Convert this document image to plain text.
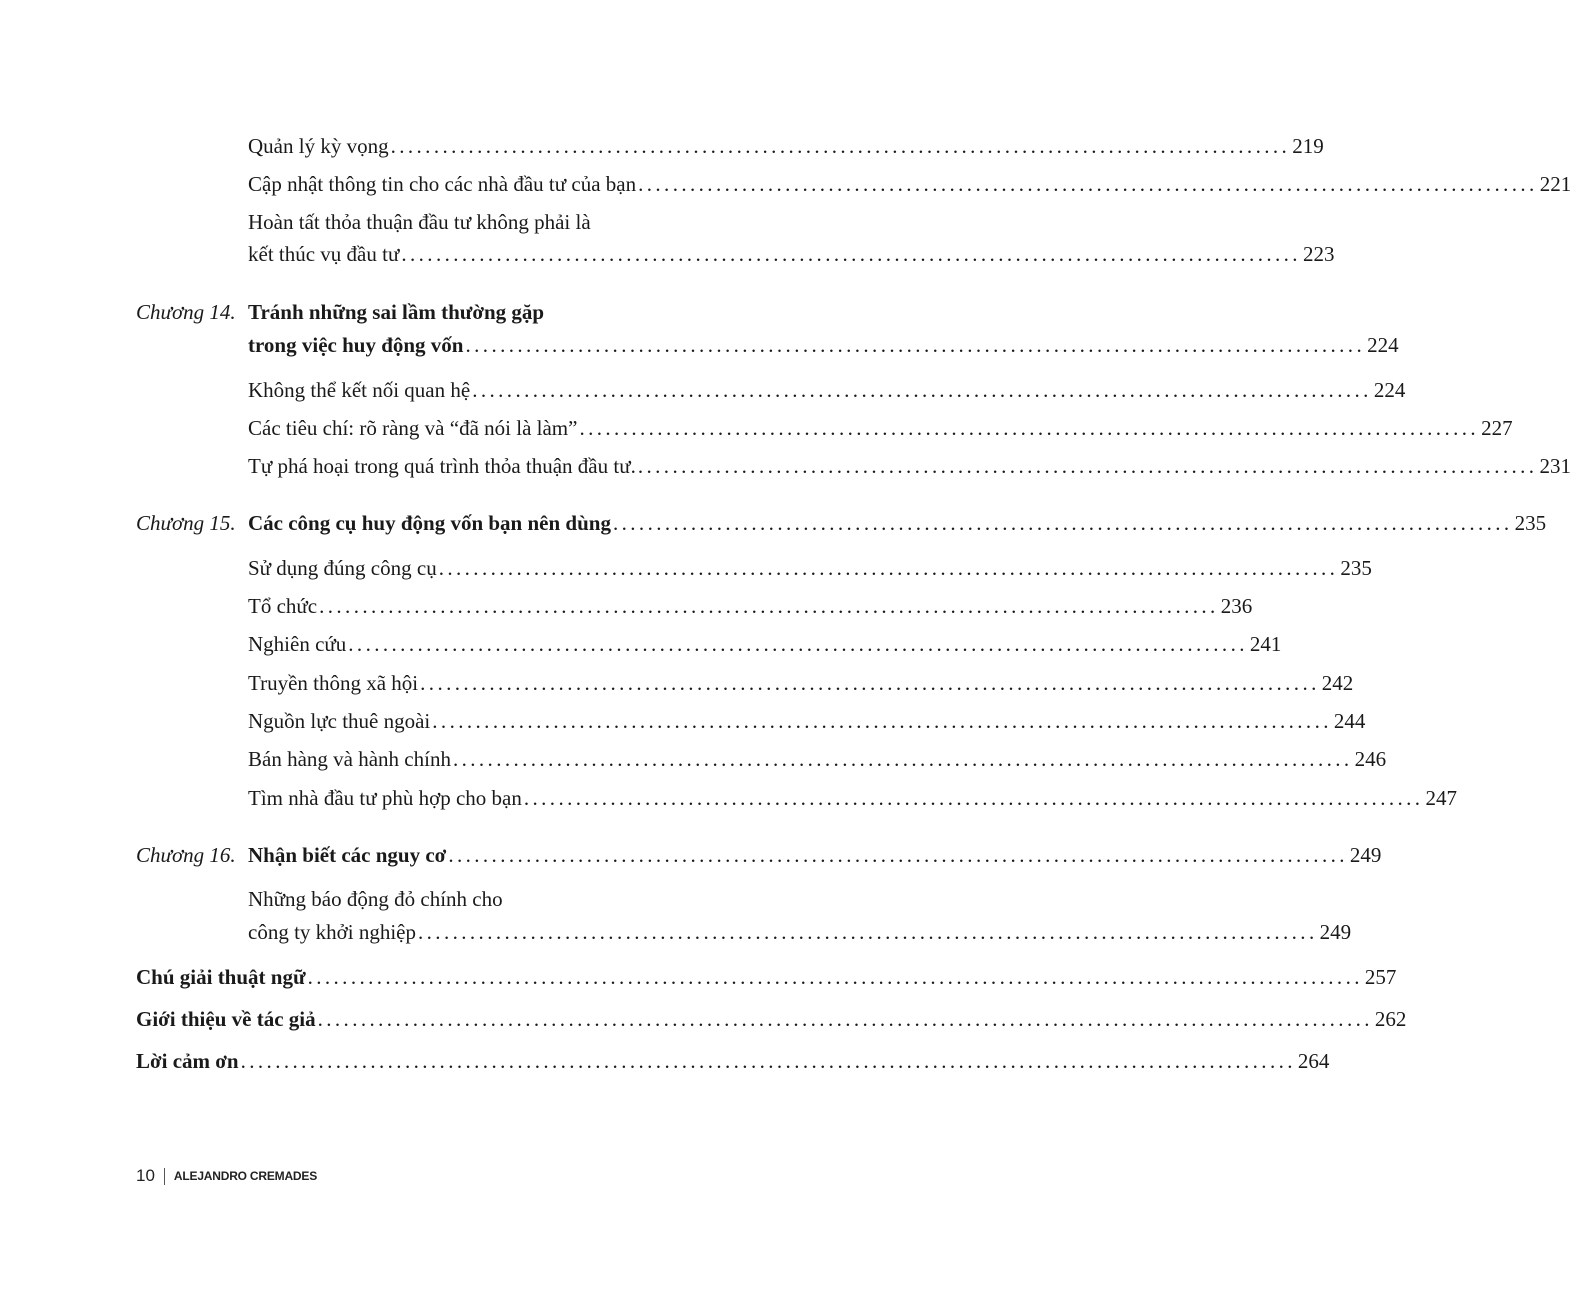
Quản lý kỳ vọng ........................................................................................................ 219
Cập nhật thông tin cho các nhà đầu tư của bạn ........................................................................................................ 221
Hoàn tất thỏa thuận đầu tư không phải là
kết thúc vụ đầu tư ........................................................................................................ 223
Chương 14. Tránh những sai lầm thường gặp
trong việc huy động vốn ........................................................................................................ 224
Không thể kết nối quan hệ ........................................................................................................ 224
Các tiêu chí: rõ ràng và “đã nói là làm” ........................................................................................................ 227
Tự phá hoại trong quá trình thỏa thuận đầu tư. ........................................................................................................ 231
Chương 15. Các công cụ huy động vốn bạn nên dùng ........................................................................................................ 235
Sử dụng đúng công cụ ........................................................................................................ 235
Tổ chức ........................................................................................................ 236
Nghiên cứu ........................................................................................................ 241
Truyền thông xã hội ........................................................................................................ 242
Nguồn lực thuê ngoài ........................................................................................................ 244
Bán hàng và hành chính ........................................................................................................ 246
Tìm nhà đầu tư phù hợp cho bạn ........................................................................................................ 247
Chương 16. Nhận biết các nguy cơ ........................................................................................................ 249
Những báo động đỏ chính cho
công ty khởi nghiệp ........................................................................................................ 249
Chú giải thuật ngữ .......................................................................................................................... 257
Giới thiệu về tác giả .......................................................................................................................... 262
Lời cảm ơn .......................................................................................................................... 264
10 ALEJANDRO CREMADES
